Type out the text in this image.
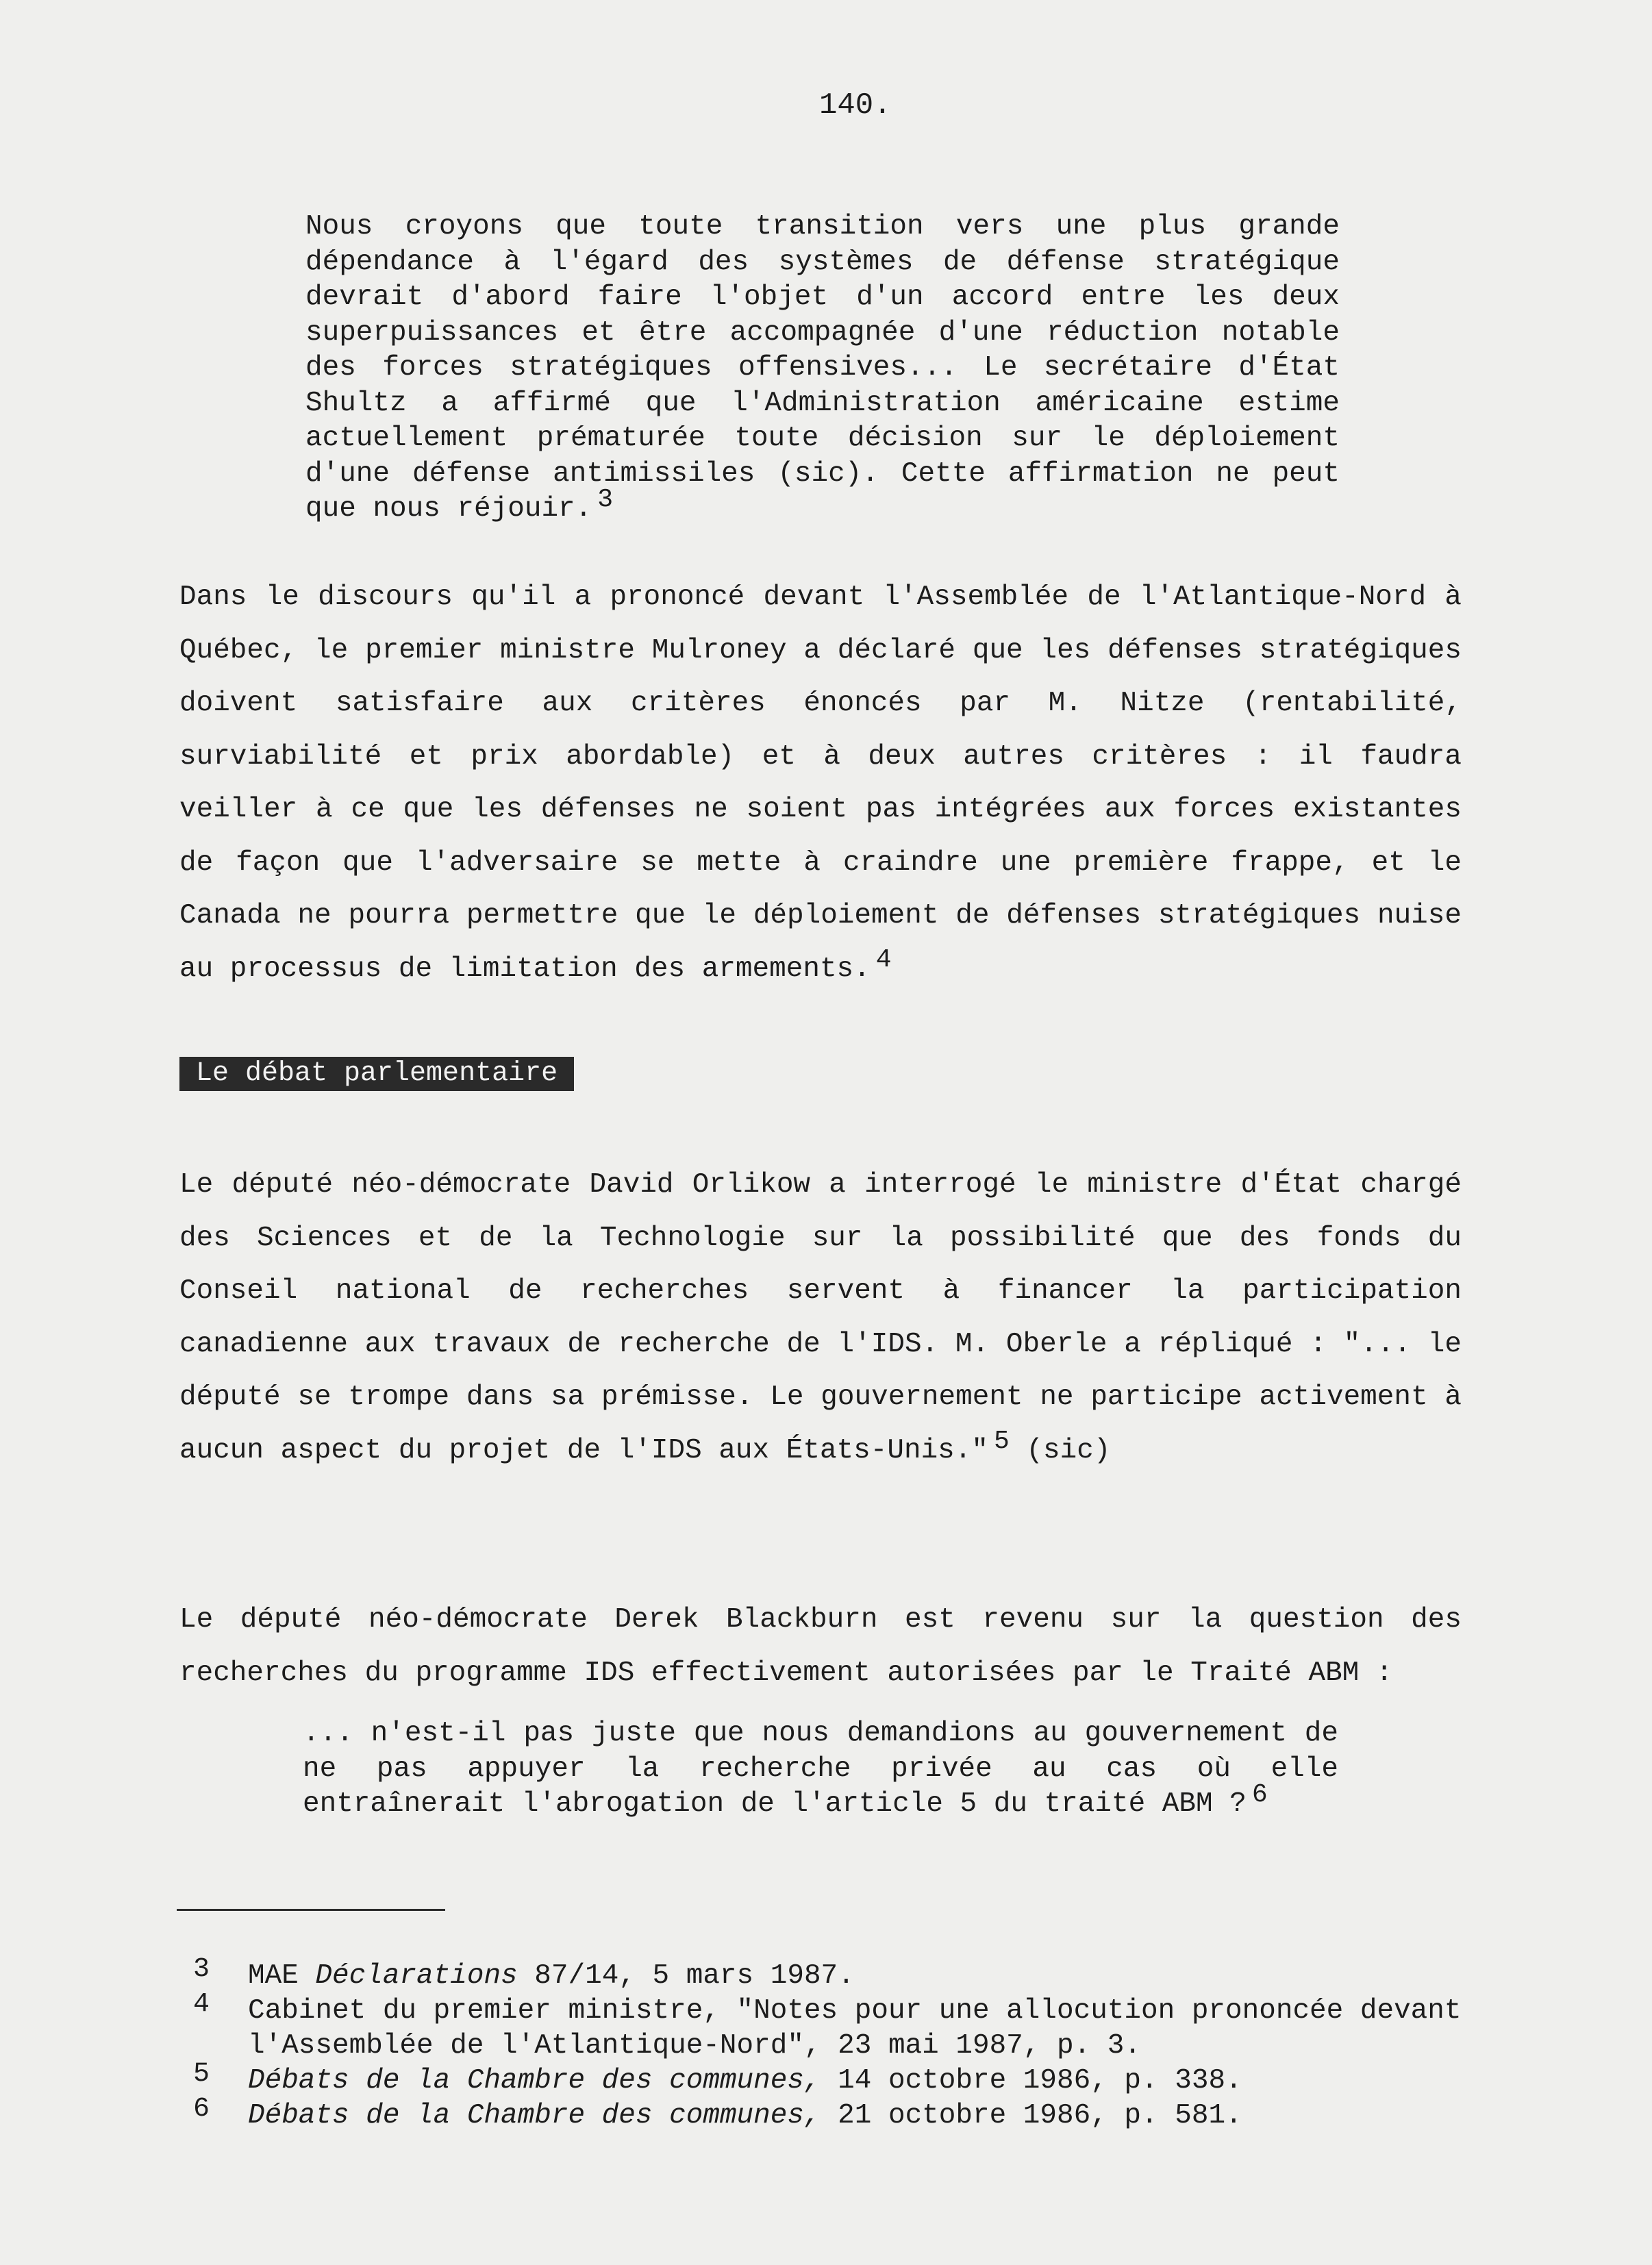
140.

Nous croyons que toute transition vers une plus grande dépendance à l'égard des systèmes de défense stratégique devrait d'abord faire l'objet d'un accord entre les deux superpuissances et être accompagnée d'une réduction notable des forces stratégiques offensives... Le secrétaire d'État Shultz a affirmé que l'Administration américaine estime actuellement prématurée toute décision sur le déploiement d'une défense antimissiles (sic). Cette affirmation ne peut que nous réjouir. 3

Dans le discours qu'il a prononcé devant l'Assemblée de l'Atlantique-Nord à Québec, le premier ministre Mulroney a déclaré que les défenses stratégiques doivent satisfaire aux critères énoncés par M. Nitze (rentabilité, surviabilité et prix abordable) et à deux autres critères : il faudra veiller à ce que les défenses ne soient pas intégrées aux forces existantes de façon que l'adversaire se mette à craindre une première frappe, et le Canada ne pourra permettre que le déploiement de défenses stratégiques nuise au processus de limitation des armements. 4

Le débat parlementaire

Le député néo-démocrate David Orlikow a interrogé le ministre d'État chargé des Sciences et de la Technologie sur la possibilité que des fonds du Conseil national de recherches servent à financer la participation canadienne aux travaux de recherche de l'IDS. M. Oberle a répliqué : "... le député se trompe dans sa prémisse. Le gouvernement ne participe activement à aucun aspect du projet de l'IDS aux États-Unis." 5 (sic)

Le député néo-démocrate Derek Blackburn est revenu sur la question des recherches du programme IDS effectivement autorisées par le Traité ABM :

... n'est-il pas juste que nous demandions au gouvernement de ne pas appuyer la recherche privée au cas où elle entraînerait l'abrogation de l'article 5 du traité ABM ? 6

3 MAE Déclarations 87/14, 5 mars 1987.

4 Cabinet du premier ministre, "Notes pour une allocution prononcée devant l'Assemblée de l'Atlantique-Nord", 23 mai 1987, p. 3.

5 Débats de la Chambre des communes, 14 octobre 1986, p. 338.

6 Débats de la Chambre des communes, 21 octobre 1986, p. 581.
